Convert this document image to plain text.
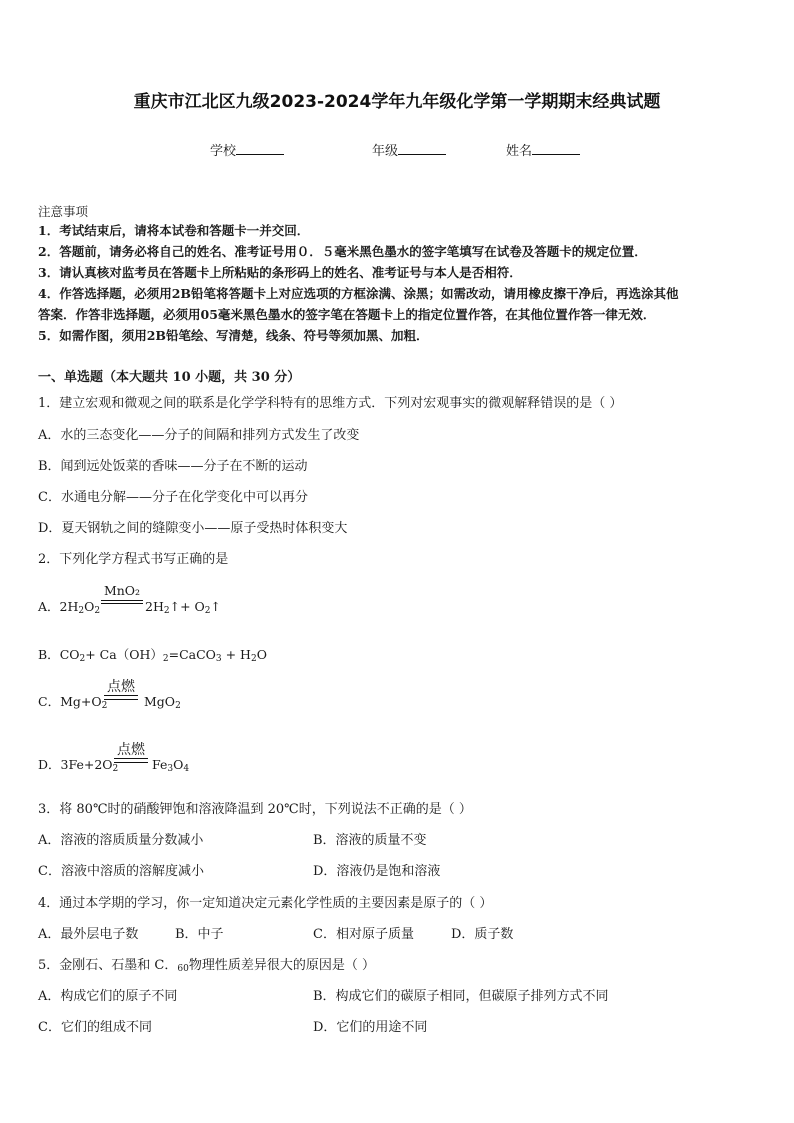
重庆市江北区九级2023-2024学年九年级化学第一学期期末经典试题
学校	年级	姓名
注意事项
1．考试结束后，请将本试卷和答题卡一并交回．
2．答题前，请务必将自己的姓名、准考证号用０．５毫米黑色墨水的签字笔填写在试卷及答题卡的规定位置．
3．请认真核对监考员在答题卡上所粘贴的条形码上的姓名、准考证号与本人是否相符．
4．作答选择题，必须用2B铅笔将答题卡上对应选项的方框涂满、涂黑；如需改动，请用橡皮擦干净后，再选涂其他
答案．作答非选择题，必须用05毫米黑色墨水的签字笔在答题卡上的指定位置作答，在其他位置作答一律无效．
5．如需作图，须用2B铅笔绘、写清楚，线条、符号等须加黑、加粗．
一、单选题（本大题共 10 小题，共 30 分）
1．建立宏观和微观之间的联系是化学学科特有的思维方式．下列对宏观事实的微观解释错误的是（ ）
A．水的三态变化——分子的间隔和排列方式发生了改变
B．闻到远处饭菜的香味——分子在不断的运动
C．水通电分解——分子在化学变化中可以再分
D．夏天钢轨之间的缝隙变小——原子受热时体积变大
2．下列化学方程式书写正确的是
A．$2H_2O_2$
MnO₂
$2H_2↑+$ $O_2↑$
B．$CO_2+$ $Ca(OH)_2=CaCO_3 + H_2O$
C．$Mg+O_2$
点燃
MgO$_2$
D．$3Fe+2O_2$
点燃
$Fe_3O_4$
3．将 80℃时的硝酸钾饱和溶液降温到 20℃时，下列说法不正确的是（ ）
A．溶液的溶质质量分数减小	B．溶液的质量不变
C．溶液中溶质的溶解度减小	D．溶液仍是饱和溶液
4．通过本学期的学习，你一定知道决定元素化学性质的主要因素是原子的（ ）
A．最外层电子数	B．中子	C．相对原子质量	D．质子数
5．金刚石、石墨和 C．$_{60}$物理性质差异很大的原因是（ ）
A．构成它们的原子不同	B．构成它们的碳原子相同，但碳原子排列方式不同
C．它们的组成不同	D．它们的用途不同
